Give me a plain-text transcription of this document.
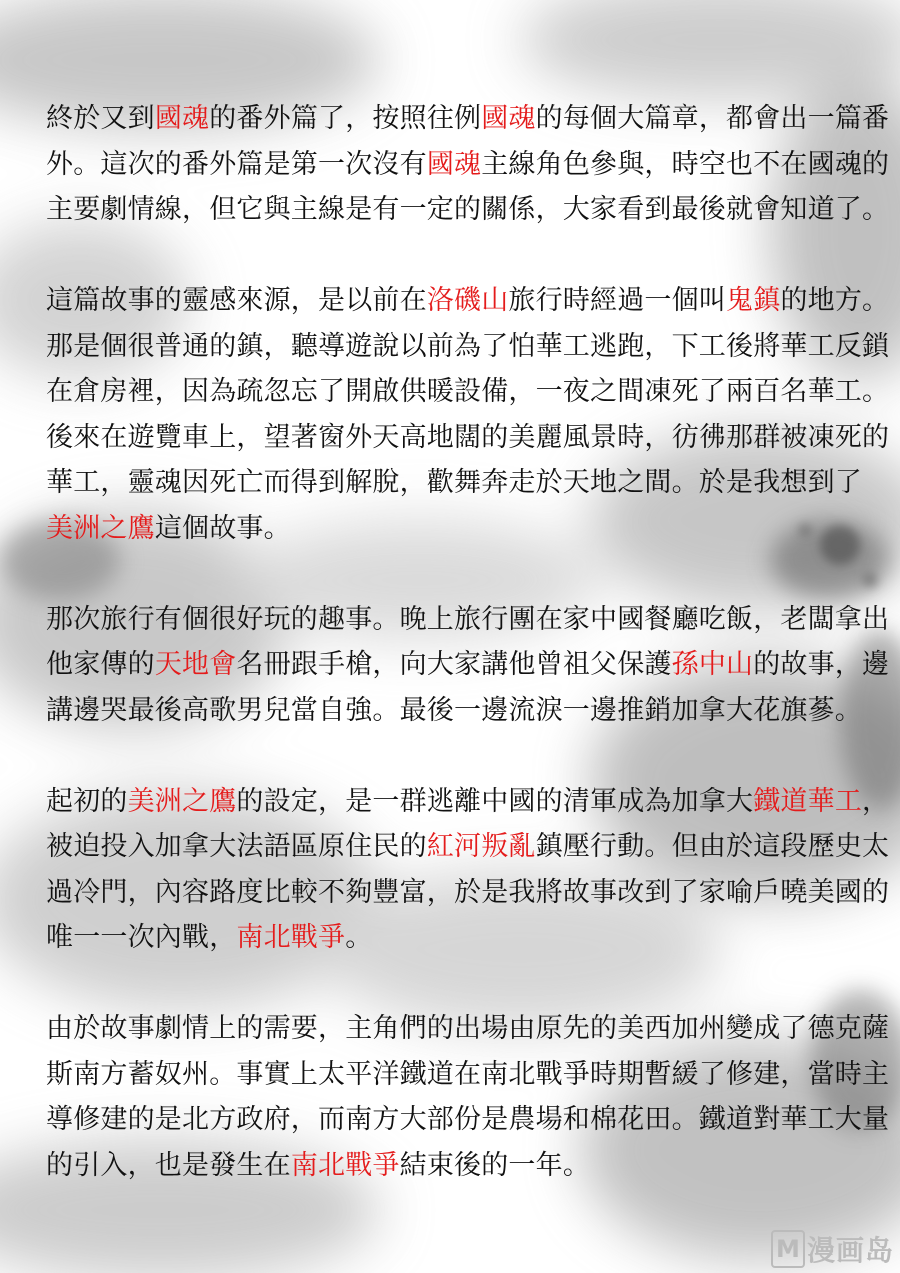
終於又到國魂的番外篇了，按照往例國魂的每個大篇章，都會出一篇番
外。這次的番外篇是第一次沒有國魂主線角色參與，時空也不在國魂的
主要劇情線，但它與主線是有一定的關係，大家看到最後就會知道了。
這篇故事的靈感來源，是以前在洛磯山旅行時經過一個叫鬼鎮的地方。
那是個很普通的鎮，聽導遊說以前為了怕華工逃跑，下工後將華工反鎖
在倉房裡，因為疏忽忘了開啟供暖設備，一夜之間凍死了兩百名華工。
後來在遊覽車上，望著窗外天高地闊的美麗風景時，彷彿那群被凍死的
華工，靈魂因死亡而得到解脫，歡舞奔走於天地之間。於是我想到了
美洲之鷹這個故事。
那次旅行有個很好玩的趣事。晚上旅行團在家中國餐廳吃飯，老闆拿出
他家傳的天地會名冊跟手槍，向大家講他曾祖父保護孫中山的故事，邊
講邊哭最後高歌男兒當自強。最後一邊流淚一邊推銷加拿大花旗蔘。
起初的美洲之鷹的設定，是一群逃離中國的清軍成為加拿大鐵道華工，
被迫投入加拿大法語區原住民的紅河叛亂鎮壓行動。但由於這段歷史太
過冷門，內容路度比較不夠豐富，於是我將故事改到了家喻戶曉美國的
唯一一次內戰，南北戰爭。
由於故事劇情上的需要，主角們的出場由原先的美西加州變成了德克薩
斯南方蓄奴州。事實上太平洋鐵道在南北戰爭時期暫緩了修建，當時主
導修建的是北方政府，而南方大部份是農場和棉花田。鐵道對華工大量
的引入，也是發生在南北戰爭結束後的一年。
M 漫画岛
